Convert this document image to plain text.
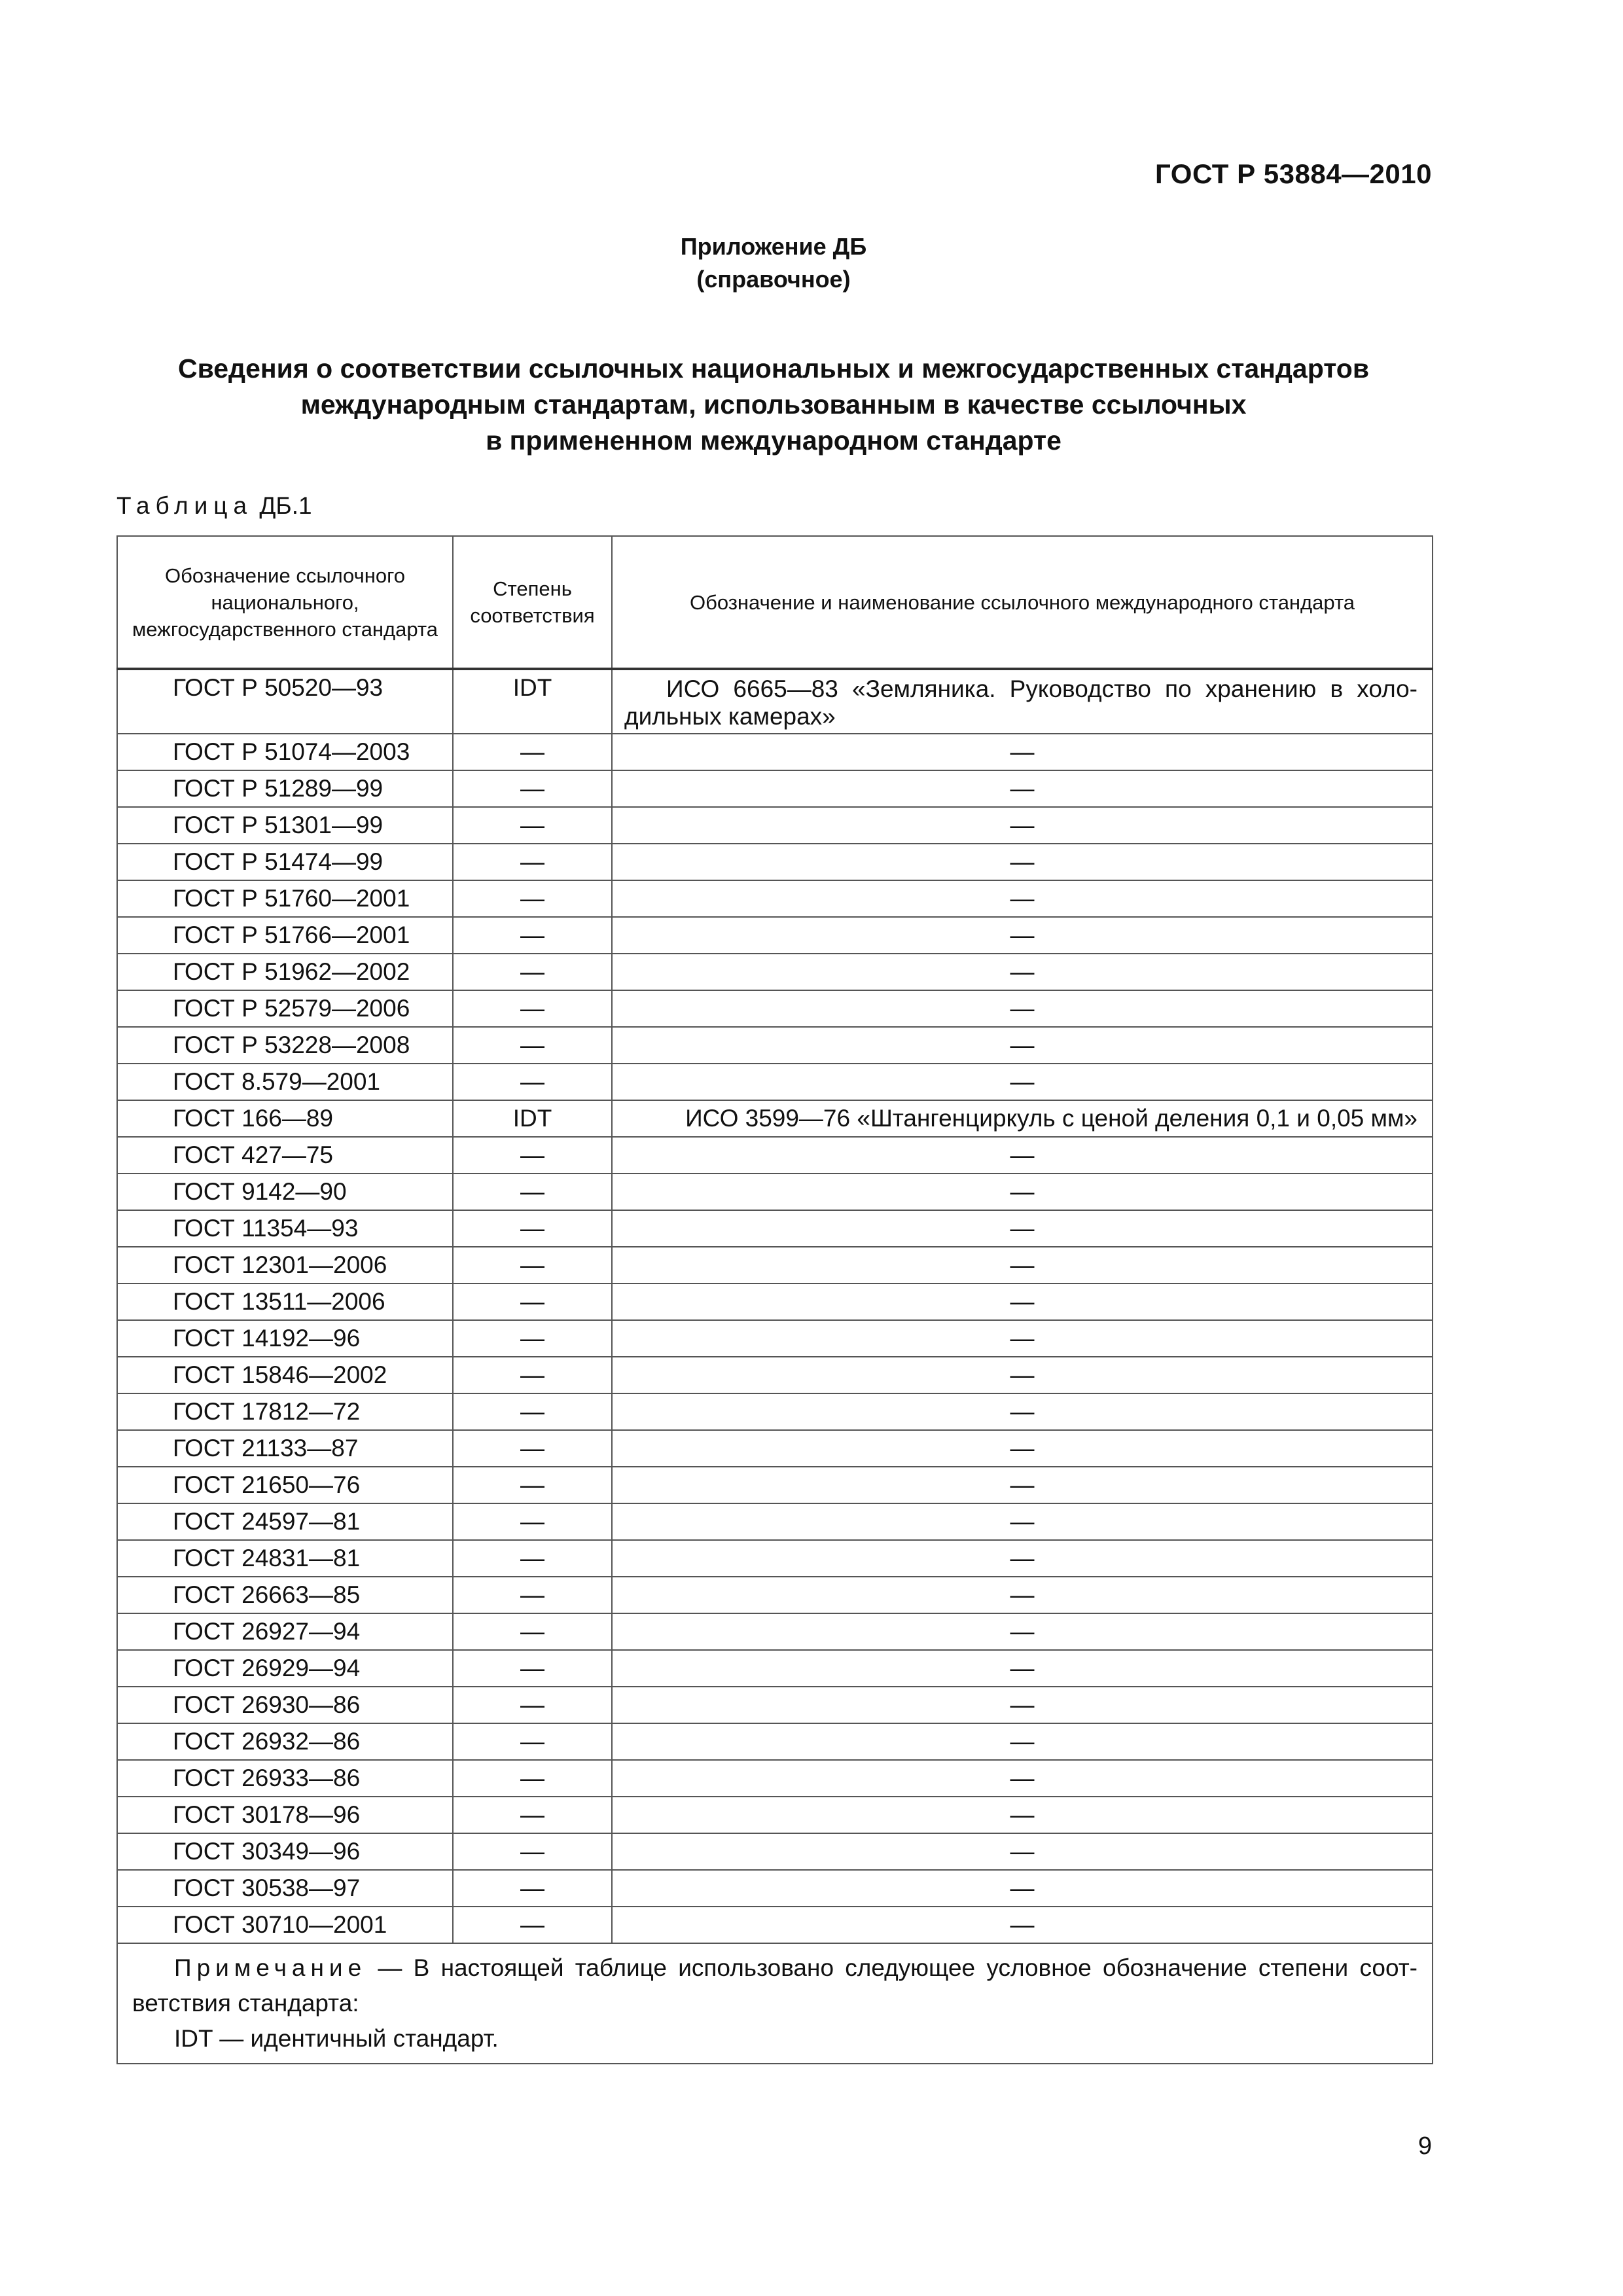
ГОСТ Р 53884—2010
Приложение ДБ
(справочное)
Сведения о соответствии ссылочных национальных и межгосударственных стандартов
международным стандартам, использованным в качестве ссылочных
в примененном международном стандарте
Таблица ДБ.1
Обозначение ссылочного национального, межгосударственного стандарта	Степень соответствия	Обозначение и наименование ссылочного международного стандарта
ГОСТ Р 50520—93	IDT	ИСО 6665—83 «Земляника. Руководство по хранению в холо-дильных камерах»
ГОСТ Р 51074—2003	—	—
ГОСТ Р 51289—99	—	—
ГОСТ Р 51301—99	—	—
ГОСТ Р 51474—99	—	—
ГОСТ Р 51760—2001	—	—
ГОСТ Р 51766—2001	—	—
ГОСТ Р 51962—2002	—	—
ГОСТ Р 52579—2006	—	—
ГОСТ Р 53228—2008	—	—
ГОСТ 8.579—2001	—	—
ГОСТ 166—89	IDT	ИСО 3599—76 «Штангенциркуль с ценой деления 0,1 и 0,05 мм»
ГОСТ 427—75	—	—
ГОСТ 9142—90	—	—
ГОСТ 11354—93	—	—
ГОСТ 12301—2006	—	—
ГОСТ 13511—2006	—	—
ГОСТ 14192—96	—	—
ГОСТ 15846—2002	—	—
ГОСТ 17812—72	—	—
ГОСТ 21133—87	—	—
ГОСТ 21650—76	—	—
ГОСТ 24597—81	—	—
ГОСТ 24831—81	—	—
ГОСТ 26663—85	—	—
ГОСТ 26927—94	—	—
ГОСТ 26929—94	—	—
ГОСТ 26930—86	—	—
ГОСТ 26932—86	—	—
ГОСТ 26933—86	—	—
ГОСТ 30178—96	—	—
ГОСТ 30349—96	—	—
ГОСТ 30538—97	—	—
ГОСТ 30710—2001	—	—
Примечание — В настоящей таблице использовано следующее условное обозначение степени соот-ветствия стандарта:
IDT — идентичный стандарт.		
9
